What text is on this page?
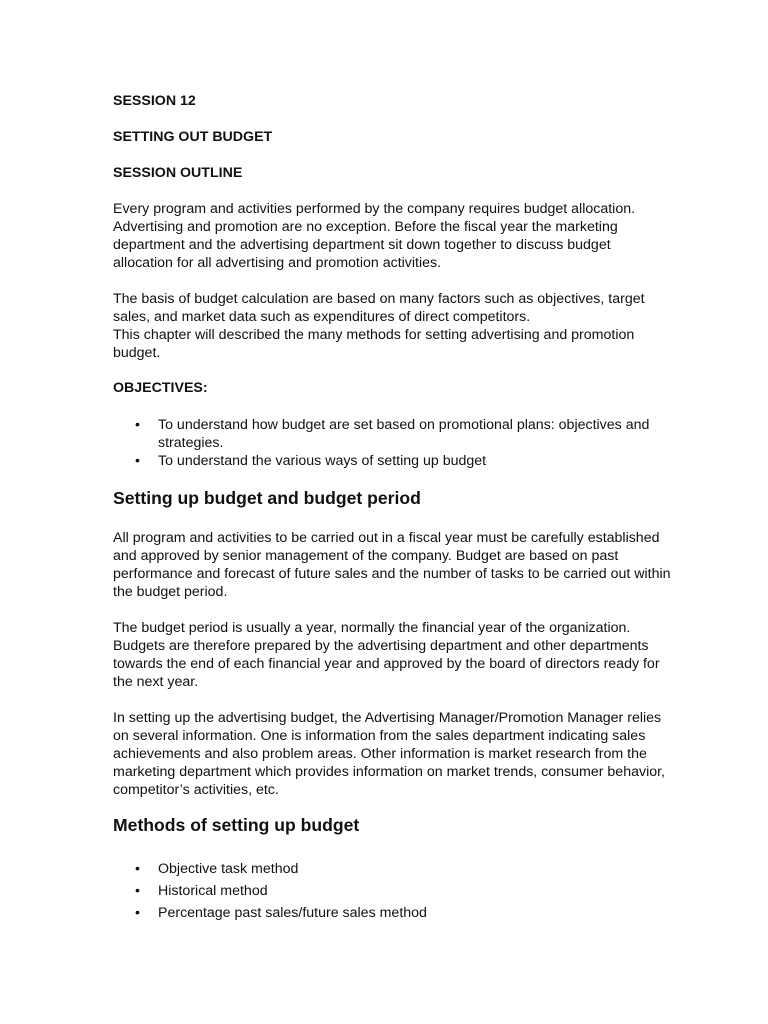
SESSION 12

SETTING OUT BUDGET

SESSION OUTLINE

Every program and activities performed by the company requires budget allocation. Advertising and promotion are no exception. Before the fiscal year the marketing department and the advertising department sit down together to discuss budget allocation for all advertising and promotion activities.

The basis of budget calculation are based on many factors such as objectives, target sales, and market data such as expenditures of direct competitors.

This chapter will described the many methods for setting advertising and promotion budget.

OBJECTIVES:

•	To understand how budget are set based on promotional plans: objectives and strategies.
•	To understand the various ways of setting up budget
Setting up budget and budget period

All program and activities to be carried out in a fiscal year must be carefully established and approved by senior management of the company. Budget are based on past performance and forecast of future sales and the number of tasks to be carried out within the budget period.

The budget period is usually a year, normally the financial year of the organization. Budgets are therefore prepared by the advertising department and other departments towards the end of each financial year and approved by the board of directors ready for the next year.

In setting up the advertising budget, the Advertising Manager/Promotion Manager relies on several information. One is information from the sales department indicating sales achievements and also problem areas. Other information is market research from the marketing department which provides information on market trends, consumer behavior, competitor’s activities, etc.

Methods of setting up budget
•	Objective task method
•	Historical method
•	Percentage past sales/future sales method
